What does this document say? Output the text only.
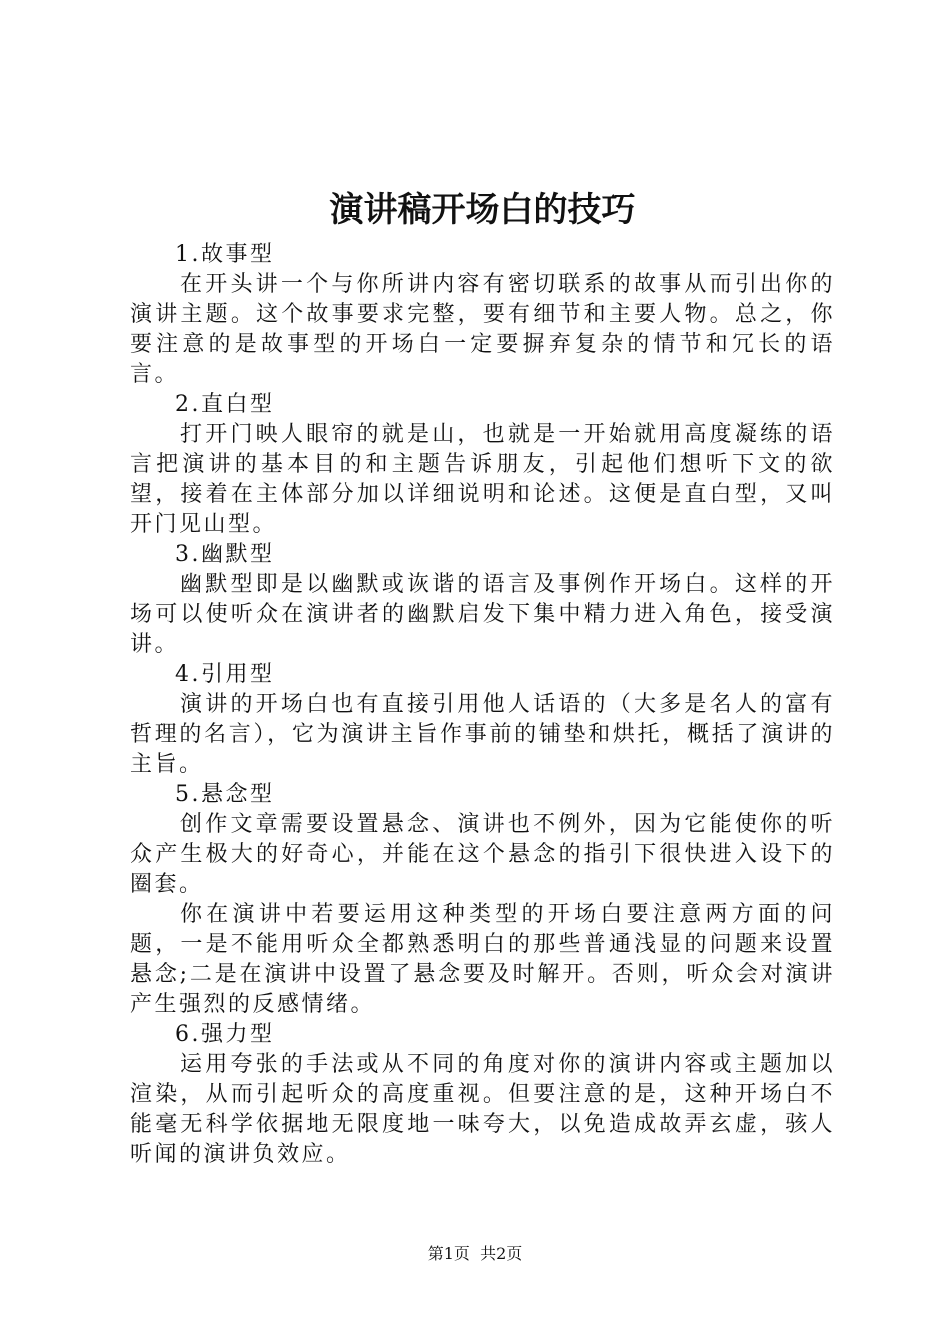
演讲稿开场白的技巧

1.故事型

在开头讲一个与你所讲内容有密切联系的故事从而引出你的演讲主题。这个故事要求完整，要有细节和主要人物。总之，你要注意的是故事型的开场白一定要摒弃复杂的情节和冗长的语言。

2.直白型

打开门映人眼帘的就是山，也就是一开始就用高度凝练的语言把演讲的基本目的和主题告诉朋友，引起他们想听下文的欲望，接着在主体部分加以详细说明和论述。这便是直白型，又叫开门见山型。

3.幽默型

幽默型即是以幽默或诙谐的语言及事例作开场白。这样的开场可以使听众在演讲者的幽默启发下集中精力进入角色，接受演讲。

4.引用型

演讲的开场白也有直接引用他人话语的（大多是名人的富有哲理的名言），它为演讲主旨作事前的铺垫和烘托，概括了演讲的主旨。

5.悬念型

创作文章需要设置悬念、演讲也不例外，因为它能使你的听众产生极大的好奇心，并能在这个悬念的指引下很快进入设下的圈套。

你在演讲中若要运用这种类型的开场白要注意两方面的问题，一是不能用听众全都熟悉明白的那些普通浅显的问题来设置悬念;二是在演讲中设置了悬念要及时解开。否则，听众会对演讲产生强烈的反感情绪。

6.强力型

运用夸张的手法或从不同的角度对你的演讲内容或主题加以渲染，从而引起听众的高度重视。但要注意的是，这种开场白不能毫无科学依据地无限度地一味夸大，以免造成故弄玄虚，骇人听闻的演讲负效应。

第1页  共2页
